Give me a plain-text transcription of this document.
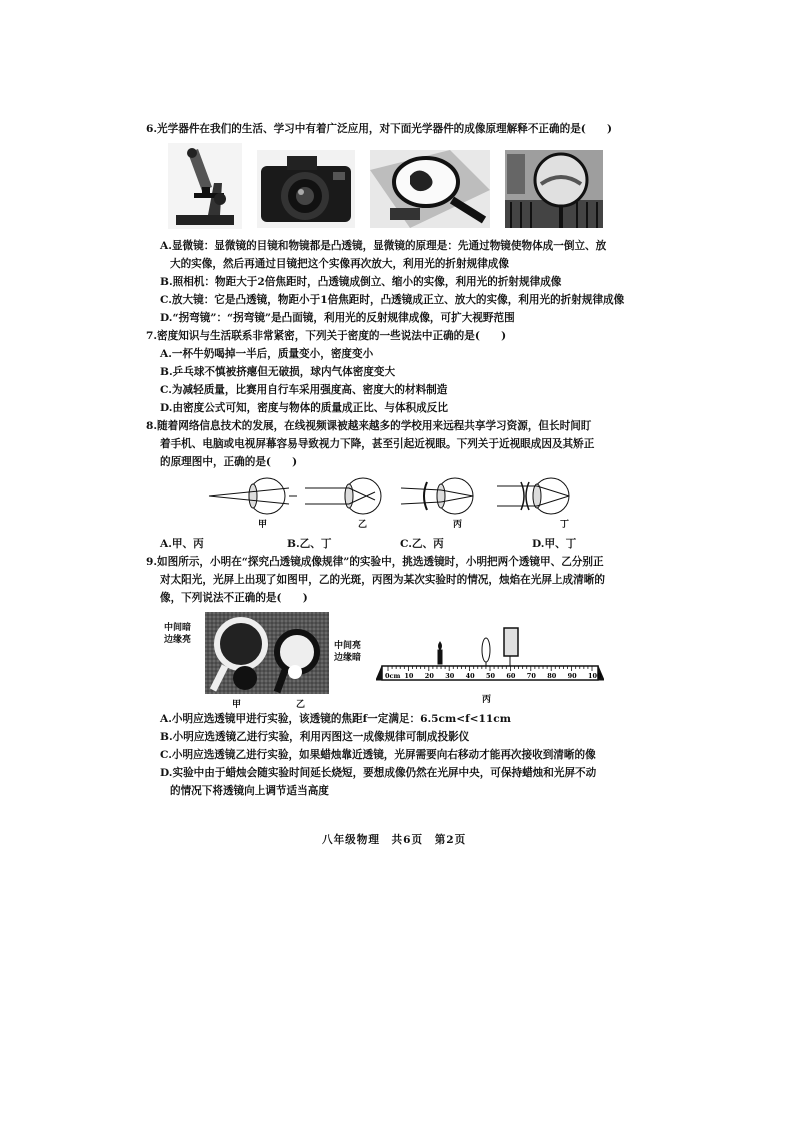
6.光学器件在我们的生活、学习中有着广泛应用，对下面光学器件的成像原理解释不正确的是(　　)
A.显微镜：显微镜的目镜和物镜都是凸透镜，显微镜的原理是：先通过物镜使物体成一倒立、放
大的实像，然后再通过目镜把这个实像再次放大，利用光的折射规律成像
B.照相机：物距大于2倍焦距时，凸透镜成倒立、缩小的实像，利用光的折射规律成像
C.放大镜：它是凸透镜，物距小于1倍焦距时，凸透镜成正立、放大的实像，利用光的折射规律成像
D.“拐弯镜”：“拐弯镜”是凸面镜，利用光的反射规律成像，可扩大视野范围
7.密度知识与生活联系非常紧密，下列关于密度的一些说法中正确的是(　　)
A.一杯牛奶喝掉一半后，质量变小，密度变小
B.乒乓球不慎被挤瘪但无破损，球内气体密度变大
C.为减轻质量，比赛用自行车采用强度高、密度大的材料制造
D.由密度公式可知，密度与物体的质量成正比、与体积成反比
8.随着网络信息技术的发展，在线视频课被越来越多的学校用来远程共享学习资源，但长时间盯
着手机、电脑或电视屏幕容易导致视力下降，甚至引起近视眼。下列关于近视眼成因及其矫正
的原理图中，正确的是(　　)
甲	乙	丙	丁
A.甲、丙	B.乙、丁	C.乙、丙	D.甲、丁
9.如图所示，小明在“探究凸透镜成像规律”的实验中，挑选透镜时，小明把两个透镜甲、乙分别正
对太阳光，光屏上出现了如图甲，乙的光斑，丙图为某次实验时的情况，烛焰在光屏上成清晰的
像，下列说法不正确的是(　　)
中间暗
边缘亮
中间亮
边缘暗
甲	乙
0cm 10 20 30 40 50 60 70 80 90 100
丙
A.小明应选透镜甲进行实验，该透镜的焦距f一定满足：6.5cm<f<11cm
B.小明应选透镜乙进行实验，利用丙图这一成像规律可制成投影仪
C.小明应选透镜乙进行实验，如果蜡烛靠近透镜，光屏需要向右移动才能再次接收到清晰的像
D.实验中由于蜡烛会随实验时间延长烧短，要想成像仍然在光屏中央，可保持蜡烛和光屏不动
的情况下将透镜向上调节适当高度
八年级物理　共6页　第2页
